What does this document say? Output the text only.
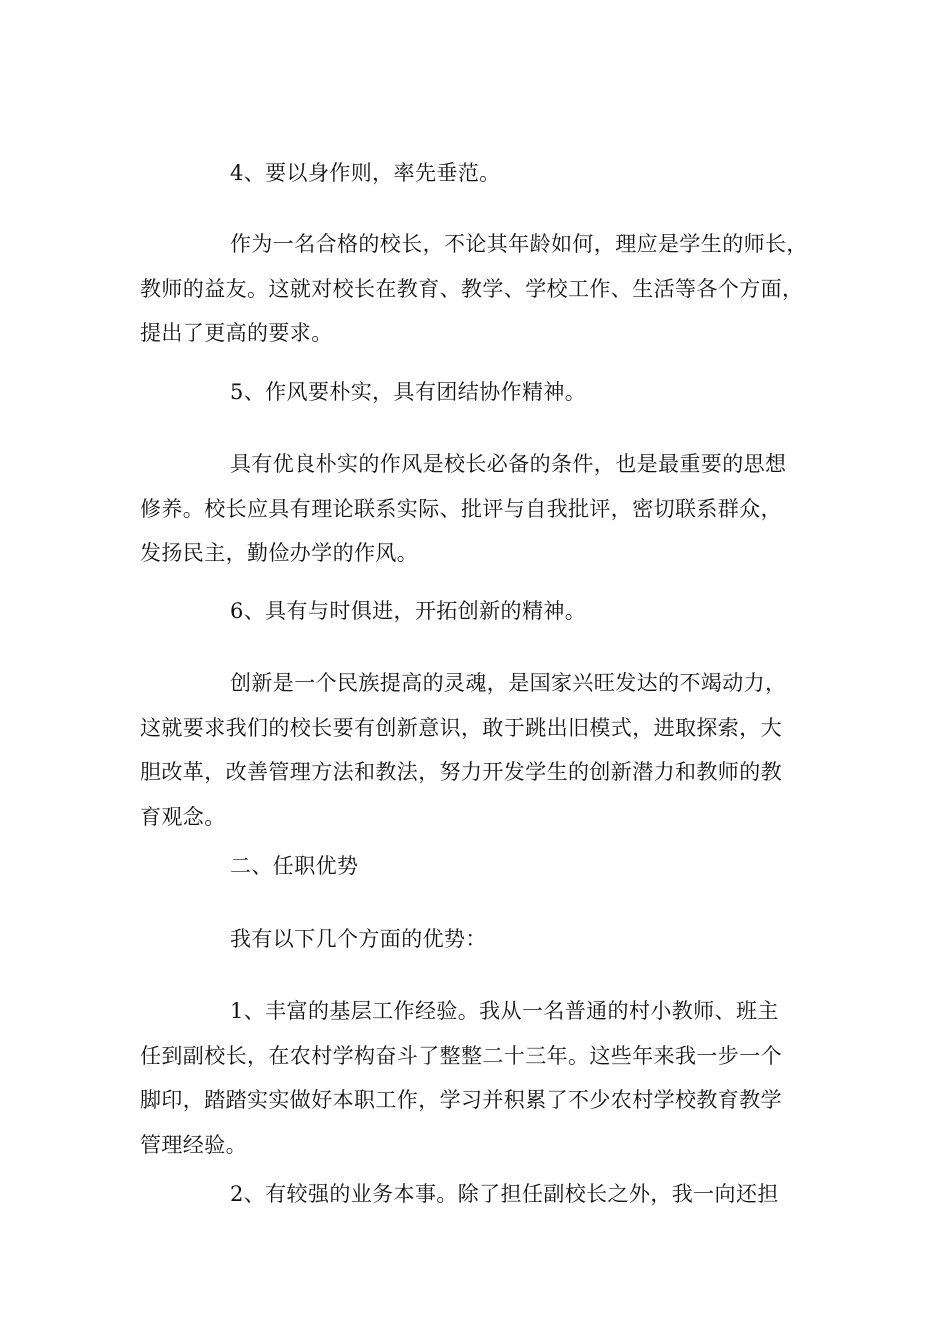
4、要以身作则，率先垂范。

作为一名合格的校长，不论其年龄如何，理应是学生的师长，
教师的益友。这就对校长在教育、教学、学校工作、生活等各个方面，
提出了更高的要求。

5、作风要朴实，具有团结协作精神。

具有优良朴实的作风是校长必备的条件，也是最重要的思想
修养。校长应具有理论联系实际、批评与自我批评，密切联系群众，
发扬民主，勤俭办学的作风。

6、具有与时俱进，开拓创新的精神。

创新是一个民族提高的灵魂，是国家兴旺发达的不竭动力，
这就要求我们的校长要有创新意识，敢于跳出旧模式，进取探索，大
胆改革，改善管理方法和教法，努力开发学生的创新潜力和教师的教
育观念。

二、任职优势

我有以下几个方面的优势：

1、丰富的基层工作经验。我从一名普通的村小教师、班主
任到副校长，在农村学构奋斗了整整二十三年。这些年来我一步一个
脚印，踏踏实实做好本职工作，学习并积累了不少农村学校教育教学
管理经验。

2、有较强的业务本事。除了担任副校长之外，我一向还担
